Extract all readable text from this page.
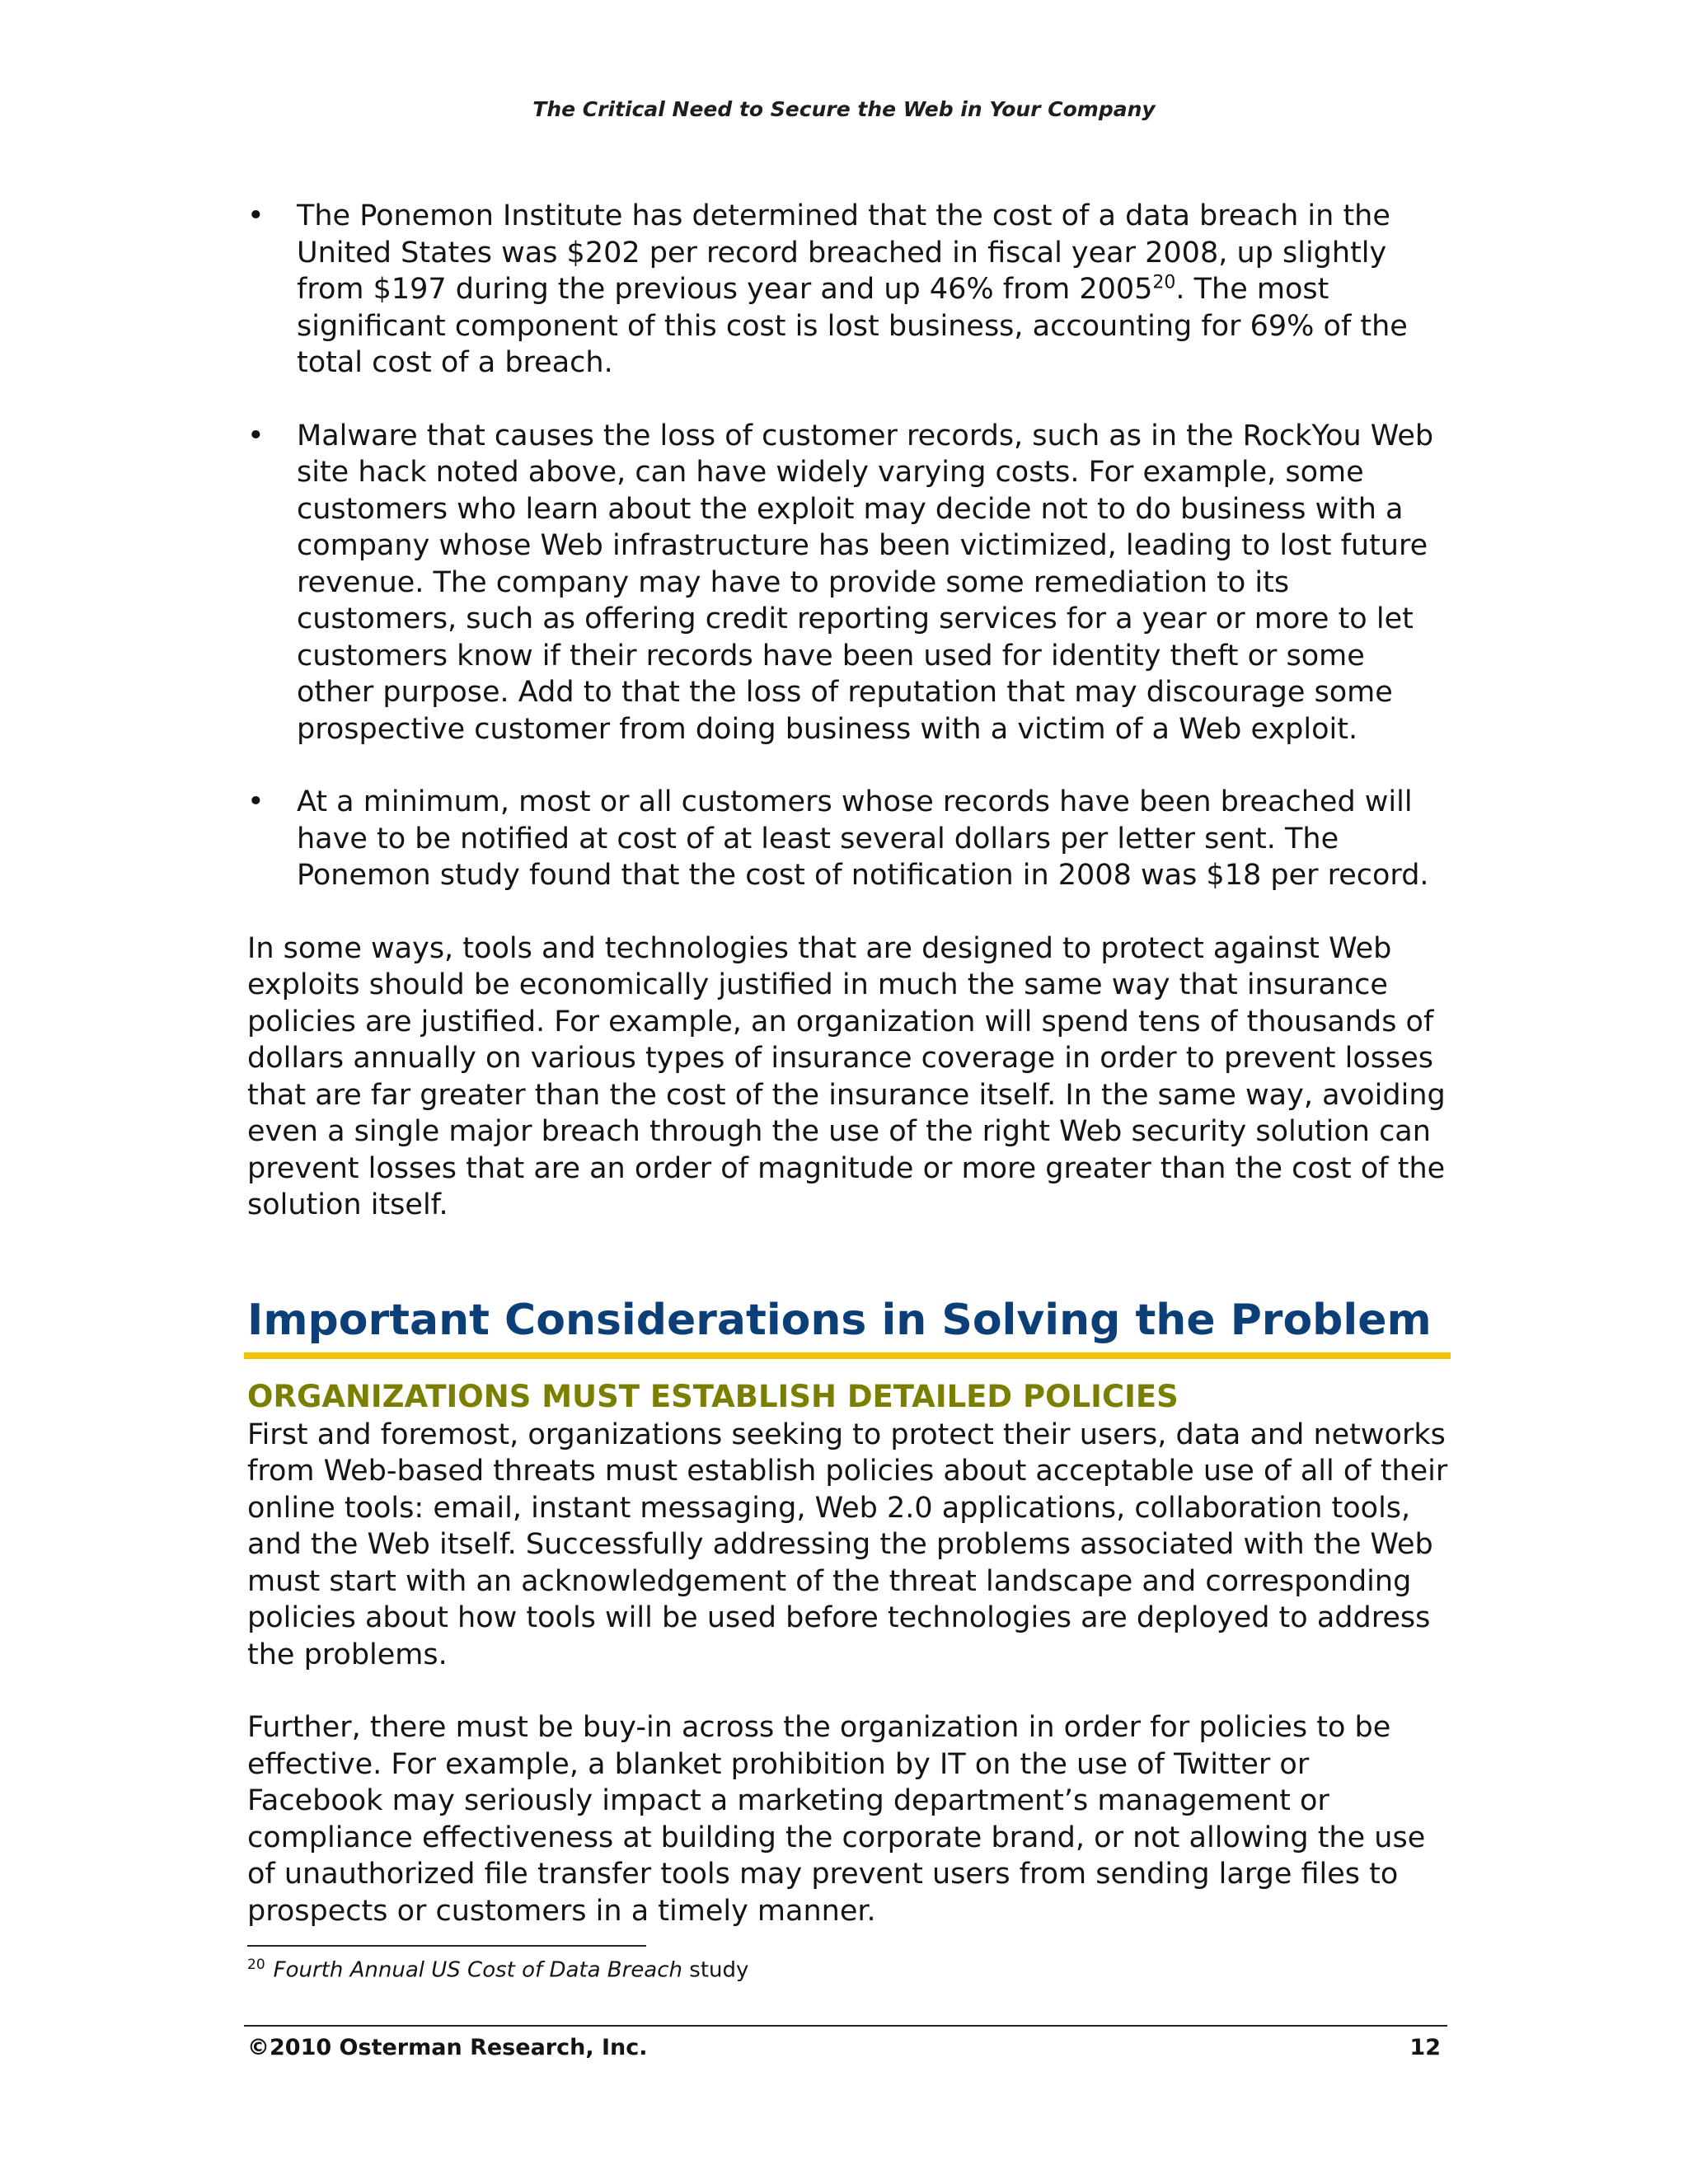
The Critical Need to Secure the Web in Your Company
• The Ponemon Institute has determined that the cost of a data breach in the United States was $202 per record breached in fiscal year 2008, up slightly from $197 during the previous year and up 46% from 2005$^{20}$. The most significant component of this cost is lost business, accounting for 69% of the total cost of a breach.
• Malware that causes the loss of customer records, such as in the RockYou Web site hack noted above, can have widely varying costs. For example, some customers who learn about the exploit may decide not to do business with a company whose Web infrastructure has been victimized, leading to lost future revenue. The company may have to provide some remediation to its customers, such as offering credit reporting services for a year or more to let customers know if their records have been used for identity theft or some other purpose. Add to that the loss of reputation that may discourage some prospective customer from doing business with a victim of a Web exploit.
• At a minimum, most or all customers whose records have been breached will have to be notified at cost of at least several dollars per letter sent. The Ponemon study found that the cost of notification in 2008 was $18 per record.

In some ways, tools and technologies that are designed to protect against Web exploits should be economically justified in much the same way that insurance policies are justified. For example, an organization will spend tens of thousands of dollars annually on various types of insurance coverage in order to prevent losses that are far greater than the cost of the insurance itself. In the same way, avoiding even a single major breach through the use of the right Web security solution can prevent losses that are an order of magnitude or more greater than the cost of the solution itself.

Important Considerations in Solving the Problem
ORGANIZATIONS MUST ESTABLISH DETAILED POLICIES

First and foremost, organizations seeking to protect their users, data and networks from Web-based threats must establish policies about acceptable use of all of their online tools: email, instant messaging, Web 2.0 applications, collaboration tools, and the Web itself. Successfully addressing the problems associated with the Web must start with an acknowledgement of the threat landscape and corresponding policies about how tools will be used before technologies are deployed to address the problems.

Further, there must be buy-in across the organization in order for policies to be effective. For example, a blanket prohibition by IT on the use of Twitter or Facebook may seriously impact a marketing department’s management or compliance effectiveness at building the corporate brand, or not allowing the use of unauthorized file transfer tools may prevent users from sending large files to prospects or customers in a timely manner.

$^{20}$ Fourth Annual US Cost of Data Breach study
©2010 Osterman Research, Inc.	12
